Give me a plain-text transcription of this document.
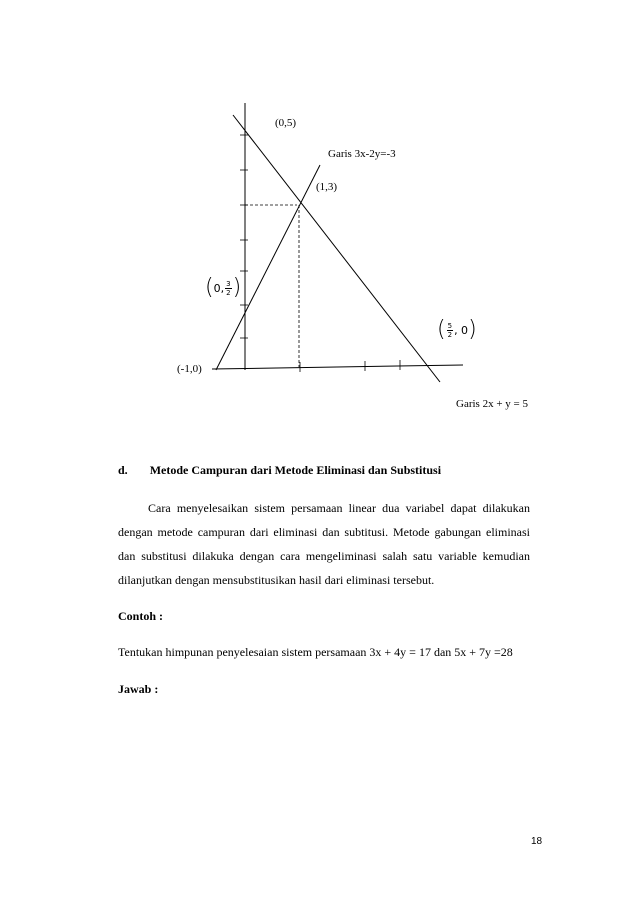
(0,5)
Garis 3x-2y=-3
(1,3)
( 0, $\frac{3}{2}$ )
( $\frac{5}{2}$ , 0 )
(-1,0)
Garis 2x + y = 5
d. Metode Campuran dari Metode Eliminasi dan Substitusi
Cara menyelesaikan sistem persamaan linear dua variabel dapat dilakukan dengan metode campuran dari eliminasi dan subtitusi. Metode gabungan eliminasi dan substitusi dilakuka dengan cara mengeliminasi salah satu variable kemudian dilanjutkan dengan mensubstitusikan hasil dari eliminasi tersebut.
Contoh :
Tentukan himpunan penyelesaian sistem persamaan 3x + 4y = 17 dan 5x + 7y =28
Jawab :
18
